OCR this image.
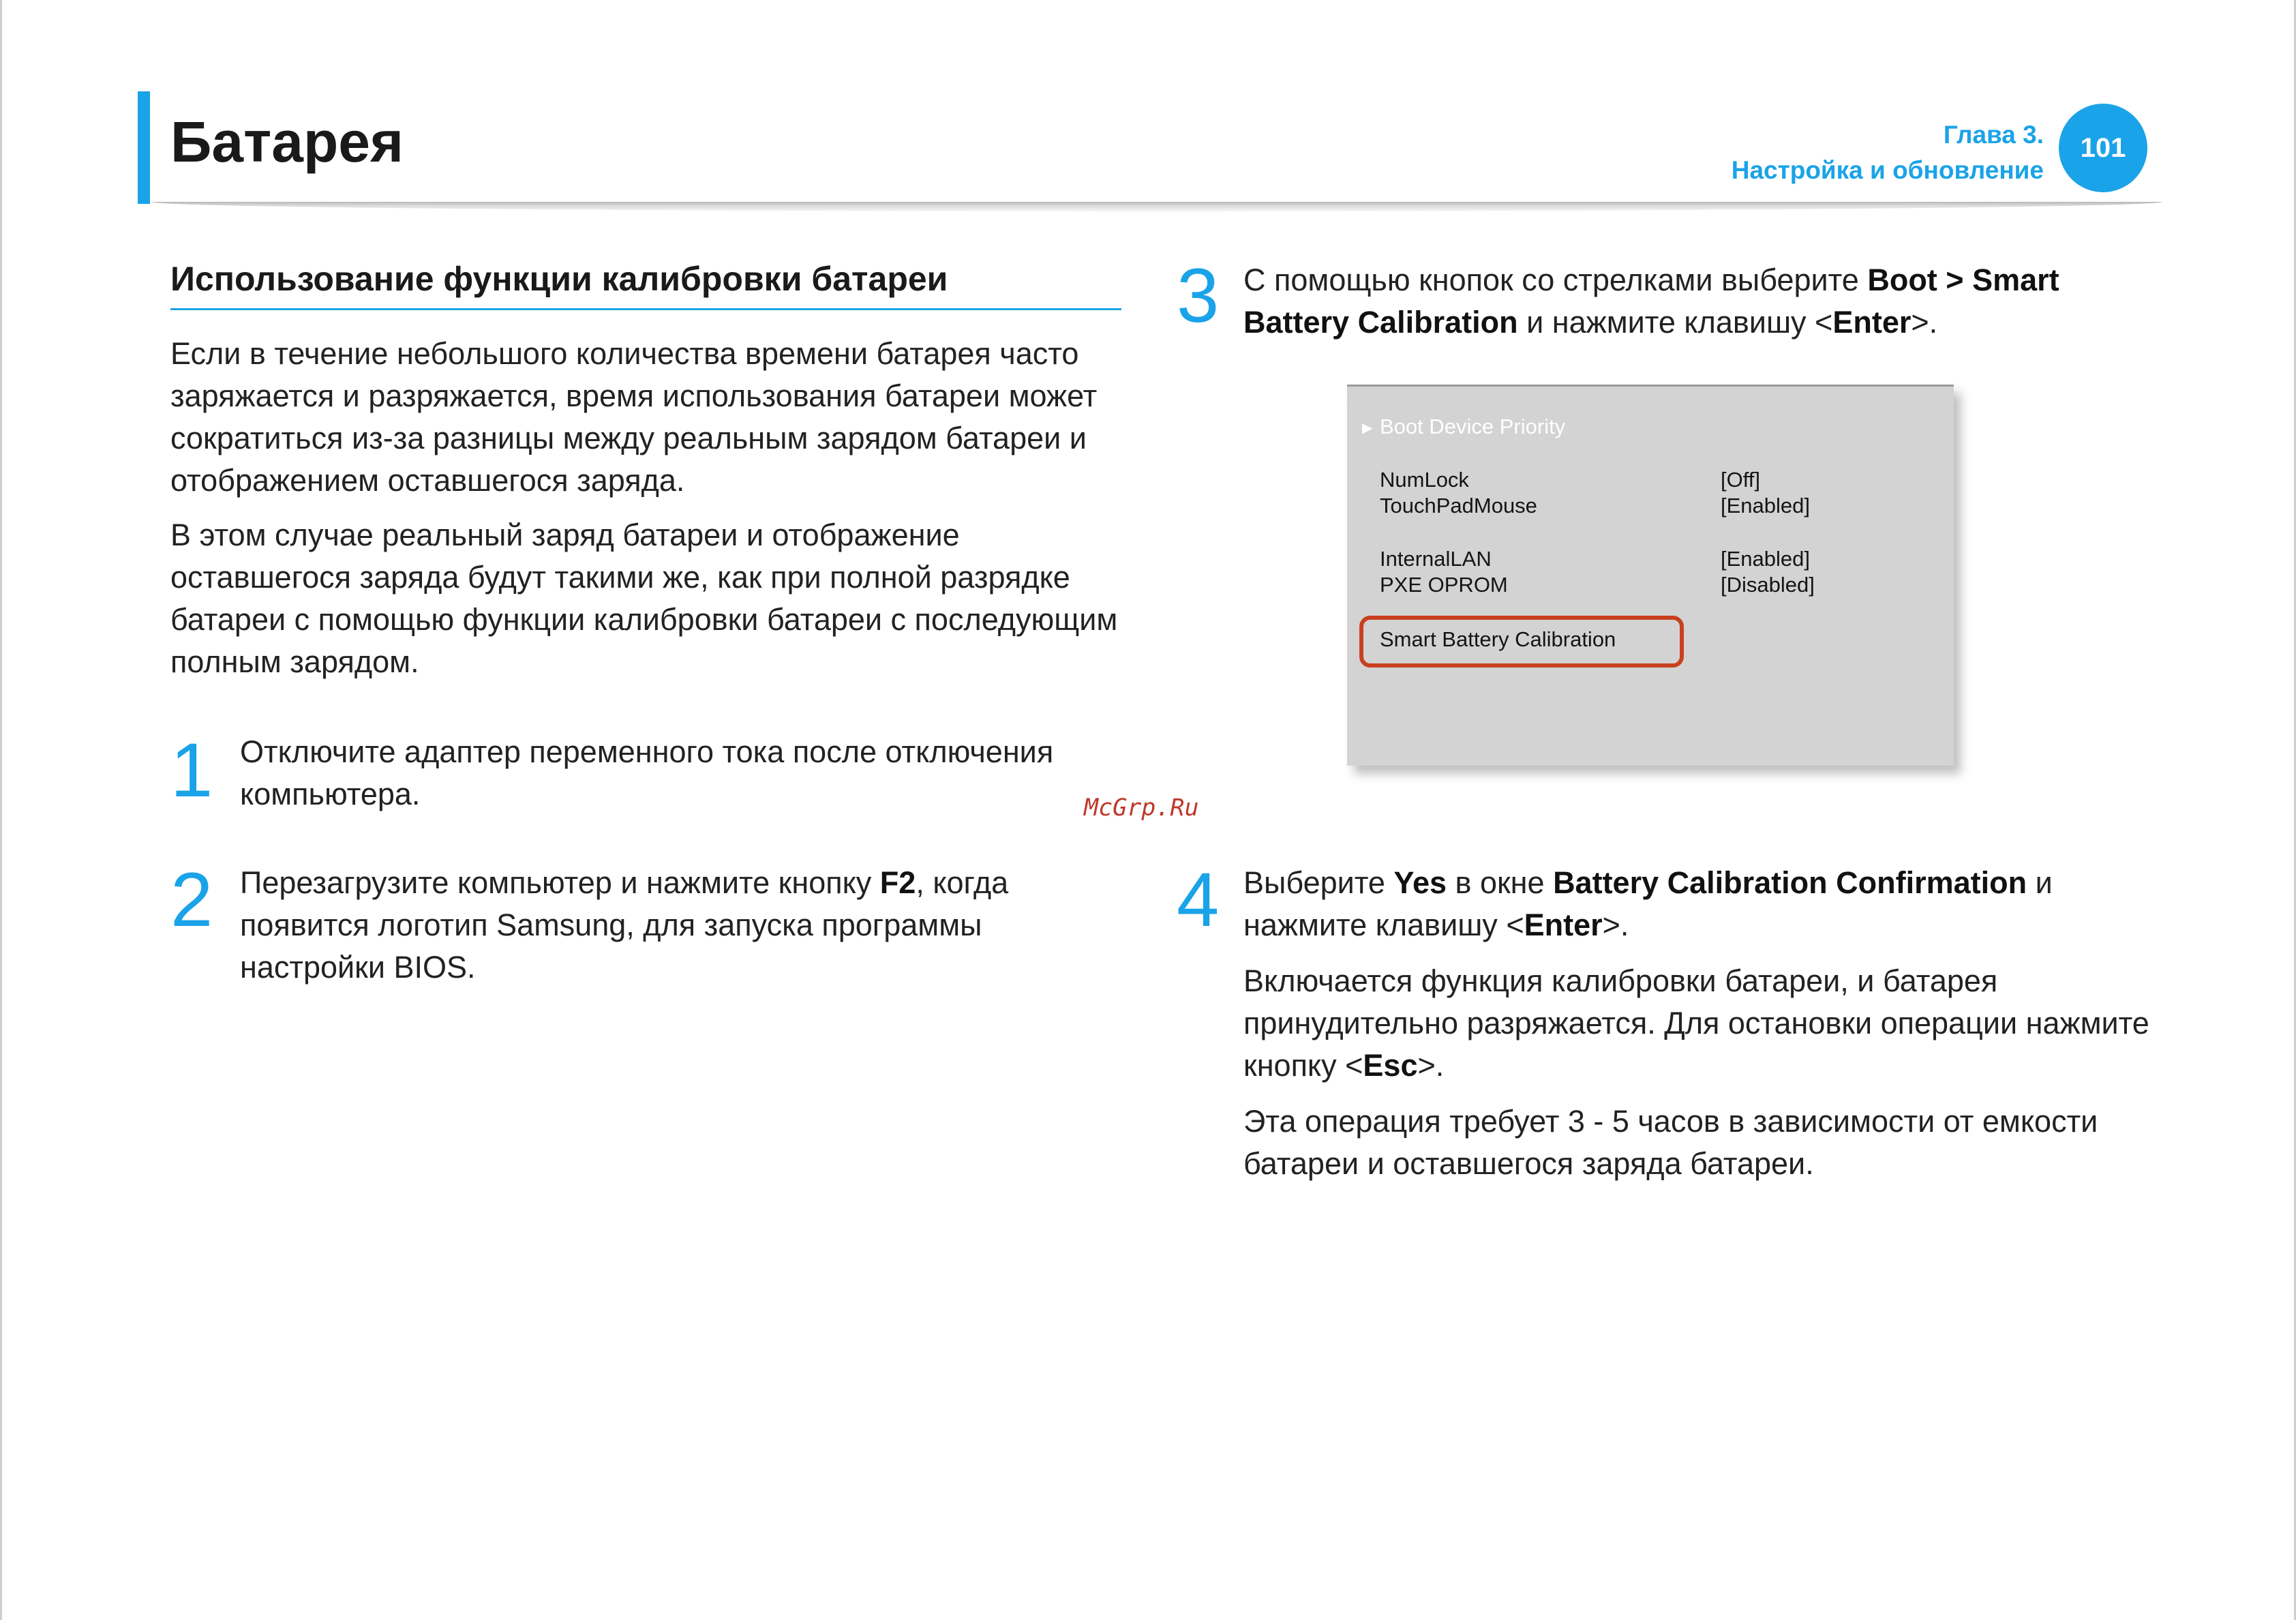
Батарея	Глава 3.
Настройка и обновление
101
Использование функции калибровки батареи
Если в течение небольшого количества времени батарея часто заряжается и разряжается, время использования батареи может сократиться из-за разницы между реальным зарядом батареи и отображением оставшегося заряда.
В этом случае реальный заряд батареи и отображение оставшегося заряда будут такими же, как при полной разрядке батареи с помощью функции калибровки батареи с последующим полным зарядом.
1 Отключите адаптер переменного тока после отключения компьютера.
2 Перезагрузите компьютер и нажмите кнопку F2, когда появится логотип Samsung, для запуска программы настройки BIOS.
3 С помощью кнопок со стрелками выберите Boot > Smart Battery Calibration и нажмите клавишу <Enter>.
▶ Boot Device Priority
NumLock	[Off]
TouchPadMouse	[Enabled]
InternalLAN	[Enabled]
PXE OPROM	[Disabled]
Smart Battery Calibration
McGrp.Ru
4 Выберите Yes в окне Battery Calibration Confirmation и нажмите клавишу <Enter>.
Включается функция калибровки батареи, и батарея принудительно разряжается. Для остановки операции нажмите кнопку <Esc>.
Эта операция требует 3 - 5 часов в зависимости от емкости батареи и оставшегося заряда батареи.
